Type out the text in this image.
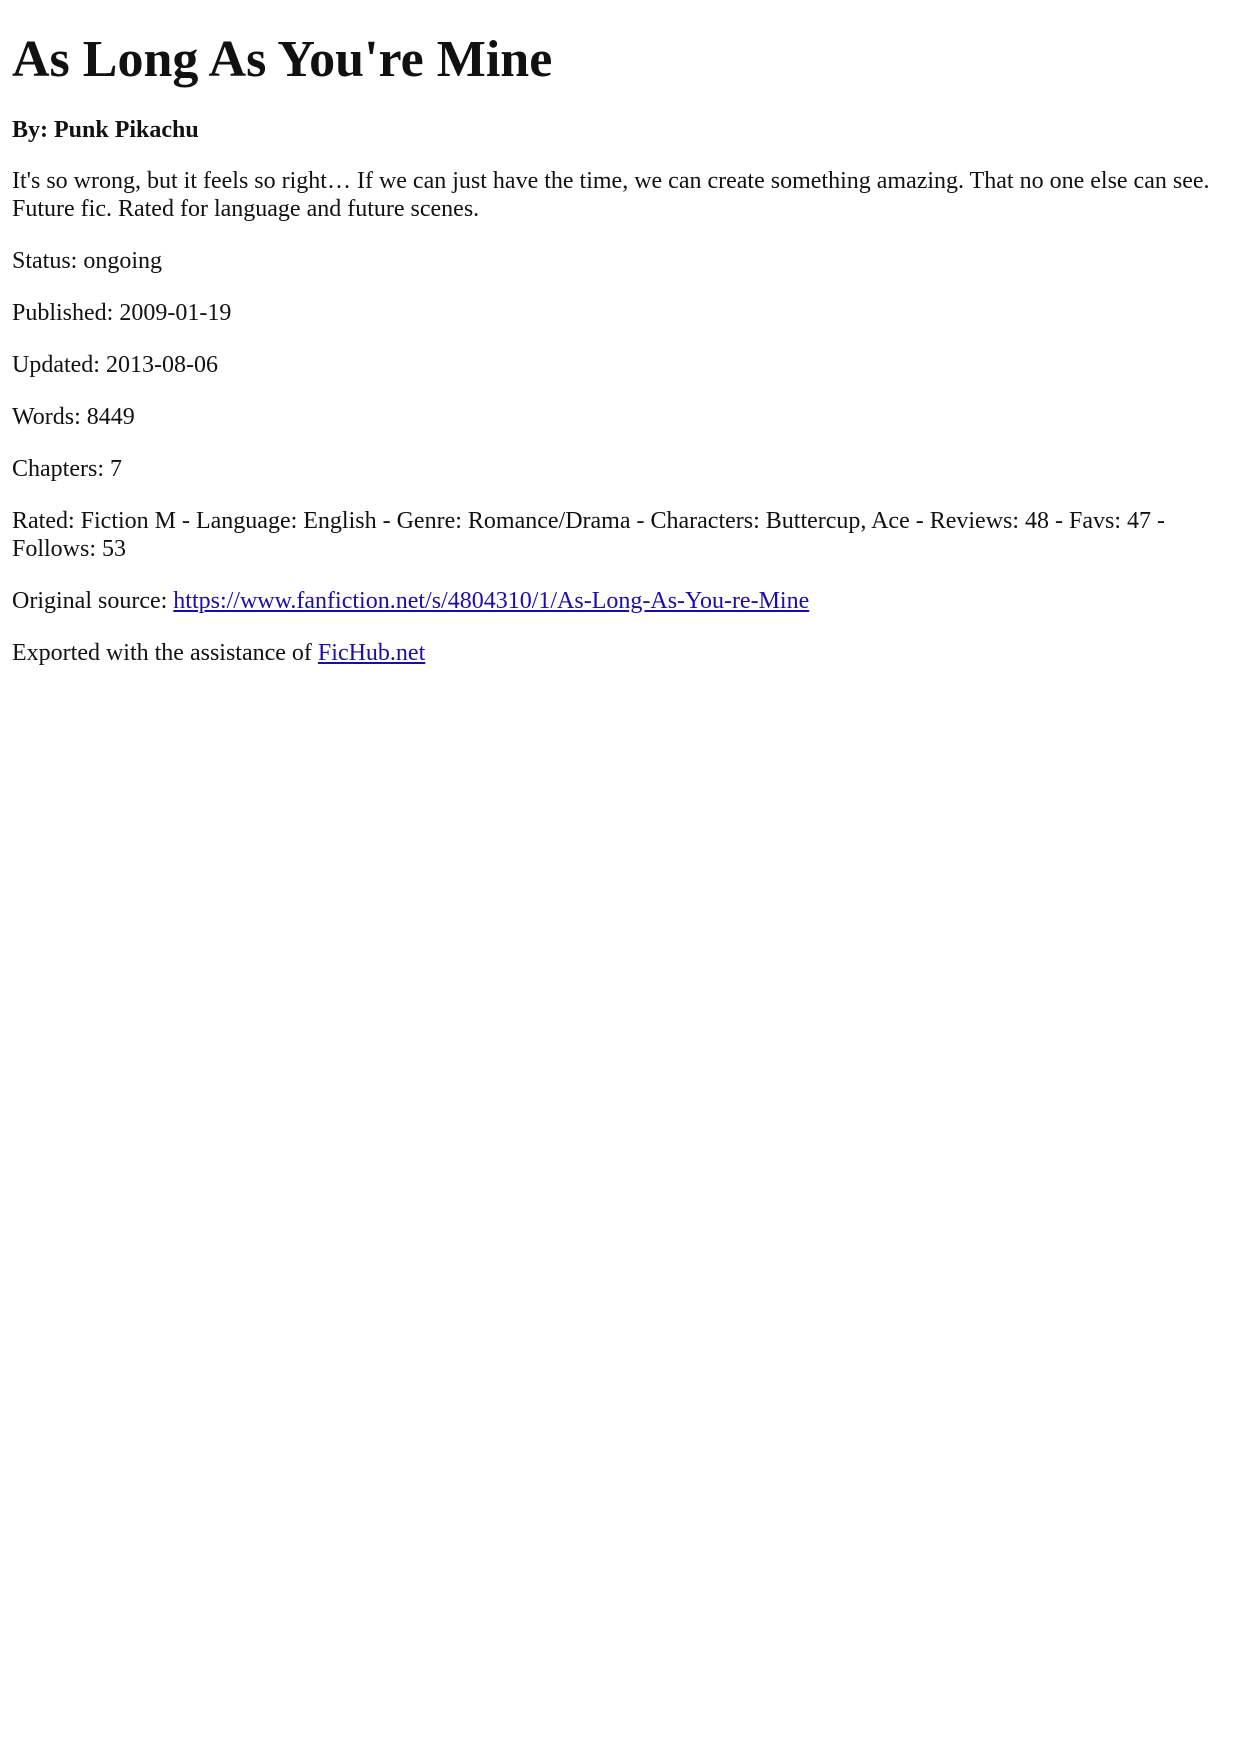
As Long As You're Mine
By: Punk Pikachu

It's so wrong, but it feels so right… If we can just have the time, we can create something amazing. That no one else can see. Future fic. Rated for language and future scenes.

Status: ongoing

Published: 2009-01-19

Updated: 2013-08-06

Words: 8449

Chapters: 7

Rated: Fiction M - Language: English - Genre: Romance/Drama - Characters: Buttercup, Ace - Reviews: 48 - Favs: 47 - Follows: 53

Original source: https://www.fanfiction.net/s/4804310/1/As-Long-As-You-re-Mine

Exported with the assistance of FicHub.net
